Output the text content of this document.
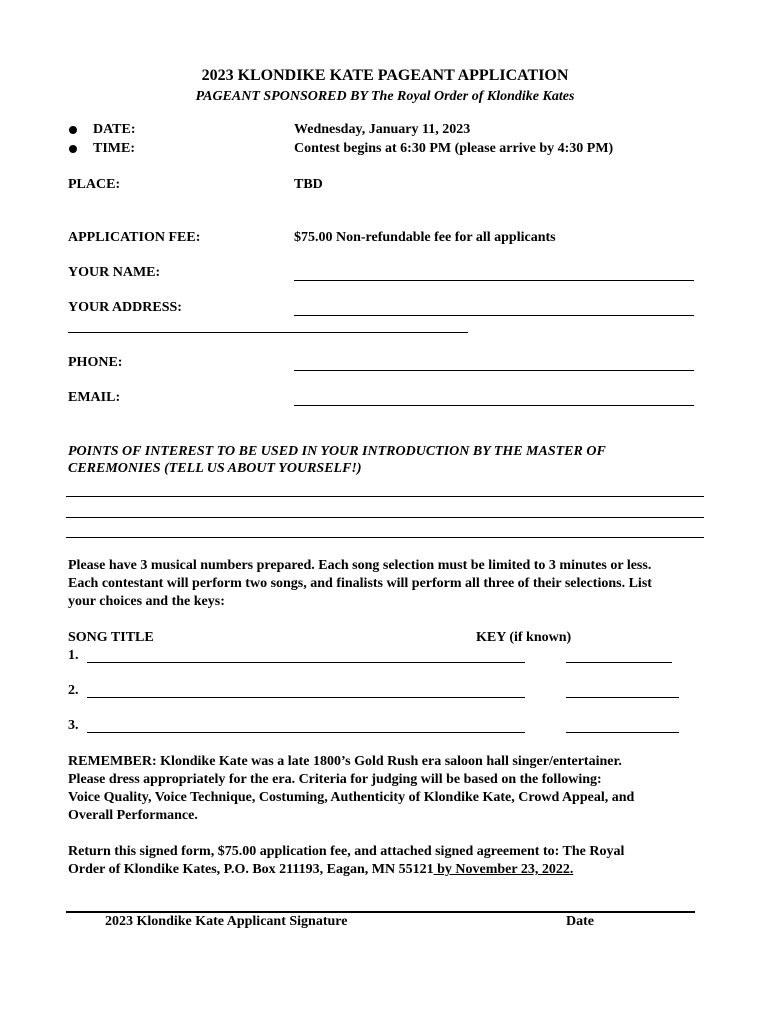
2023 KLONDIKE KATE PAGEANT APPLICATION
PAGEANT SPONSORED BY The Royal Order of Klondike Kates
DATE:	Wednesday, January 11, 2023
TIME:	Contest begins at 6:30 PM (please arrive by 4:30 PM)
PLACE:	TBD
APPLICATION FEE:	$75.00 Non-refundable fee for all applicants
YOUR NAME:
YOUR ADDRESS:
PHONE:
EMAIL:
POINTS OF INTEREST TO BE USED IN YOUR INTRODUCTION BY THE MASTER OF
CEREMONIES (TELL US ABOUT YOURSELF!)
Please have 3 musical numbers prepared. Each song selection must be limited to 3 minutes or less.
Each contestant will perform two songs, and finalists will perform all three of their selections. List
your choices and the keys:
SONG TITLE	KEY (if known)
1.
2.
3.
REMEMBER: Klondike Kate was a late 1800’s Gold Rush era saloon hall singer/entertainer.
Please dress appropriately for the era. Criteria for judging will be based on the following:
Voice Quality, Voice Technique, Costuming, Authenticity of Klondike Kate, Crowd Appeal, and
Overall Performance.
Return this signed form, $75.00 application fee, and attached signed agreement to: The Royal
Order of Klondike Kates, P.O. Box 211193, Eagan, MN 55121 by November 23, 2022.
2023 Klondike Kate Applicant Signature	Date
